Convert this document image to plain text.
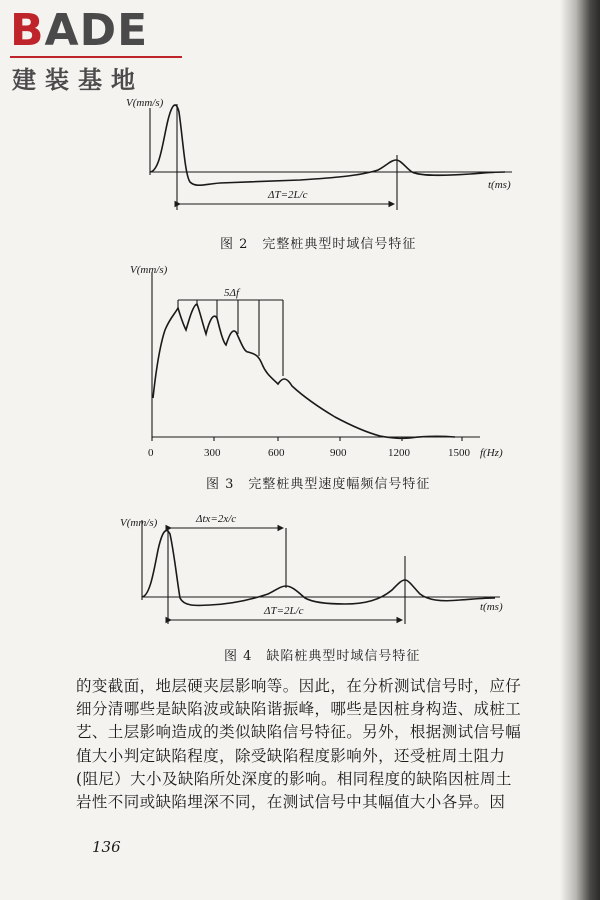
BADE
建装基地
V(mm/s)
t(ms)
ΔT=2L/c
V(mm/s)
5Δf
0	300	600	900	1200	1500 f(Hz)
V(mm/s)	Δtx=2x/c
ΔT=2L/c	t(ms)
图 2　完整桩典型时域信号特征
图 3　完整桩典型速度幅频信号特征
图 4　缺陷桩典型时域信号特征
的变截面，地层硬夹层影响等。因此，在分析测试信号时，应仔
细分清哪些是缺陷波或缺陷谐振峰，哪些是因桩身构造、成桩工
艺、土层影响造成的类似缺陷信号特征。另外，根据测试信号幅
值大小判定缺陷程度，除受缺陷程度影响外，还受桩周土阻力
(阻尼）大小及缺陷所处深度的影响。相同程度的缺陷因桩周土
岩性不同或缺陷埋深不同，在测试信号中其幅值大小各异。因
136
